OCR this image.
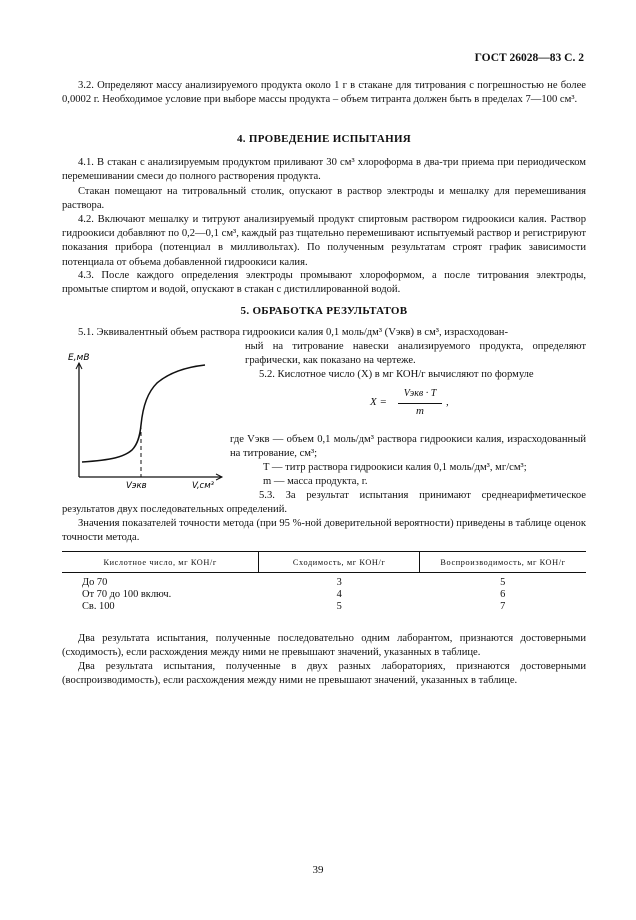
ГОСТ 26028—83 С. 2

3.2. Определяют массу анализируемого продукта около 1 г в стакане для титрования с погрешностью не более 0,0002 г. Необходимое условие при выборе массы продукта – объем титранта должен быть в пределах 7—100 см³.

4. ПРОВЕДЕНИЕ ИСПЫТАНИЯ

4.1. В стакан с анализируемым продуктом приливают 30 см³ хлороформа в два-три приема при периодическом перемешивании смеси до полного растворения продукта.

Стакан помещают на титровальный столик, опускают в раствор электроды и мешалку для перемешивания раствора.

4.2. Включают мешалку и титруют анализируемый продукт спиртовым раствором гидроокиси калия. Раствор гидроокиси добавляют по 0,2—0,1 см³, каждый раз тщательно перемешивают испытуемый раствор и регистрируют показания прибора (потенциал в милливольтах). По полученным результатам строят график зависимости потенциала от объема добавленной гидроокиси калия.

4.3. После каждого определения электроды промывают хлороформом, а после титрования электроды, промытые спиртом и водой, опускают в стакан с дистиллированной водой.

5. ОБРАБОТКА РЕЗУЛЬТАТОВ

5.1. Эквивалентный объем раствора гидроокиси калия 0,1 моль/дм³ (Vэкв) в см³, израсходован-

ный на титрование навески анализируемого продукта, определяют графически, как показано на чертеже.

E,мВ
Vэкв	V,см³

5.2. Кислотное число (X) в мг КОН/г вычисляют по формуле

X =
Vэкв · T
m
,

где Vэкв — объем 0,1 моль/дм³ раствора гидроокиси калия, израсходованный на титрование, см³;

T — титр раствора гидроокиси калия 0,1 моль/дм³, мг/см³;

m — масса продукта, г.

5.3. За результат испытания принимают среднеарифметическое результатов двух последовательных определений.

Значения показателей точности метода (при 95 %-ной доверительной вероятности) приведены в таблице оценок точности метода.

Кислотное число, мг КОН/г	Сходимость, мг КОН/г	Воспроизводимость, мг КОН/г
До 70	3	5
От 70 до 100 включ.	4	6
Св. 100	5	7

Два результата испытания, полученные последовательно одним лаборантом, признаются достоверными (сходимость), если расхождения между ними не превышают значений, указанных в таблице.

Два результата испытания, полученные в двух разных лабораториях, признаются достоверными (воспроизводимость), если расхождения между ними не превышают значений, указанных в таблице.

39
